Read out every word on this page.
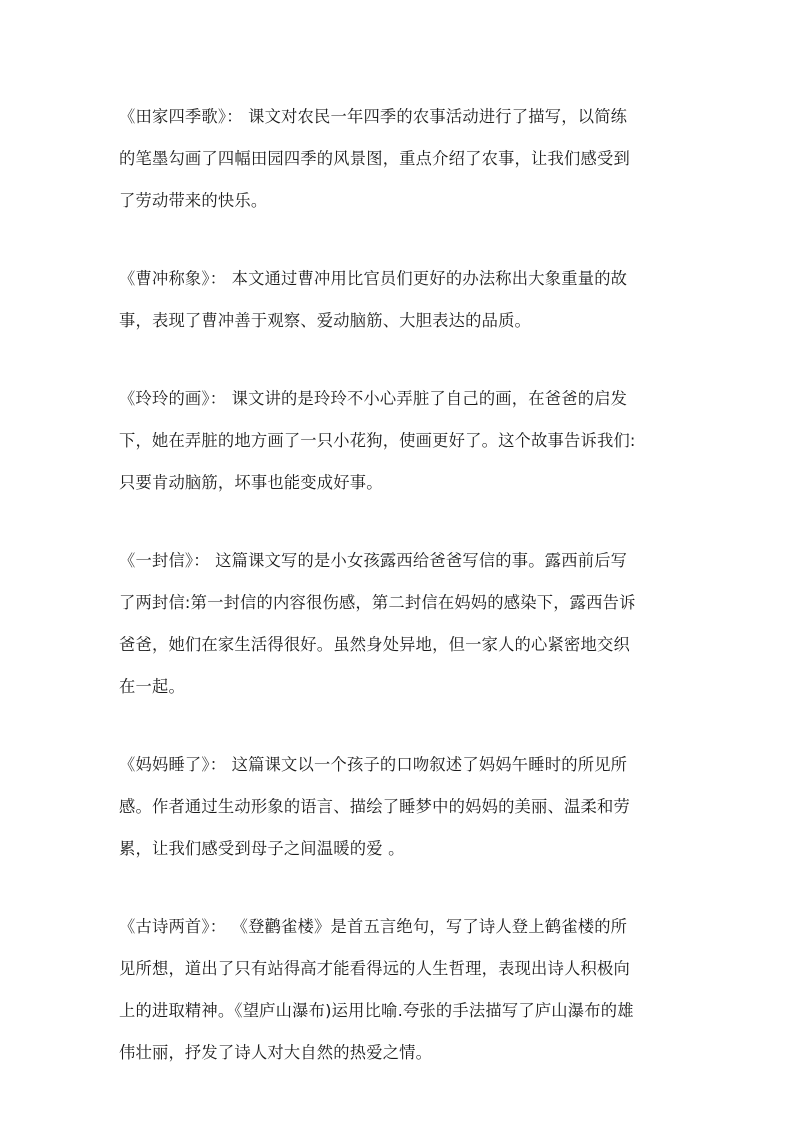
《田家四季歌》： 课文对农民一年四季的农事活动进行了描写，以简练
的笔墨勾画了四幅田园四季的风景图，重点介绍了农事，让我们感受到
了劳动带来的快乐。
《曹冲称象》： 本文通过曹冲用比官员们更好的办法称出大象重量的故
事，表现了曹冲善于观察、爱动脑筋、大胆表达的品质。
《玲玲的画》： 课文讲的是玲玲不小心弄脏了自己的画，在爸爸的启发
下，她在弄脏的地方画了一只小花狗，使画更好了。这个故事告诉我们:
只要肯动脑筋，坏事也能变成好事。
《一封信》： 这篇课文写的是小女孩露西给爸爸写信的事。露西前后写
了两封信:第一封信的内容很伤感，第二封信在妈妈的感染下，露西告诉
爸爸，她们在家生活得很好。虽然身处异地，但一家人的心紧密地交织
在一起。
《妈妈睡了》： 这篇课文以一个孩子的口吻叙述了妈妈午睡时的所见所
感。作者通过生动形象的语言、描绘了睡梦中的妈妈的美丽、温柔和劳
累，让我们感受到母子之间温暖的爱 。
《古诗两首》： 《登鹳雀楼》是首五言绝句，写了诗人登上鹤雀楼的所
见所想，道出了只有站得高才能看得远的人生哲理，表现出诗人积极向
上的进取精神。《望庐山瀑布)运用比喻.夸张的手法描写了庐山瀑布的雄
伟壮丽，抒发了诗人对大自然的热爱之情。
